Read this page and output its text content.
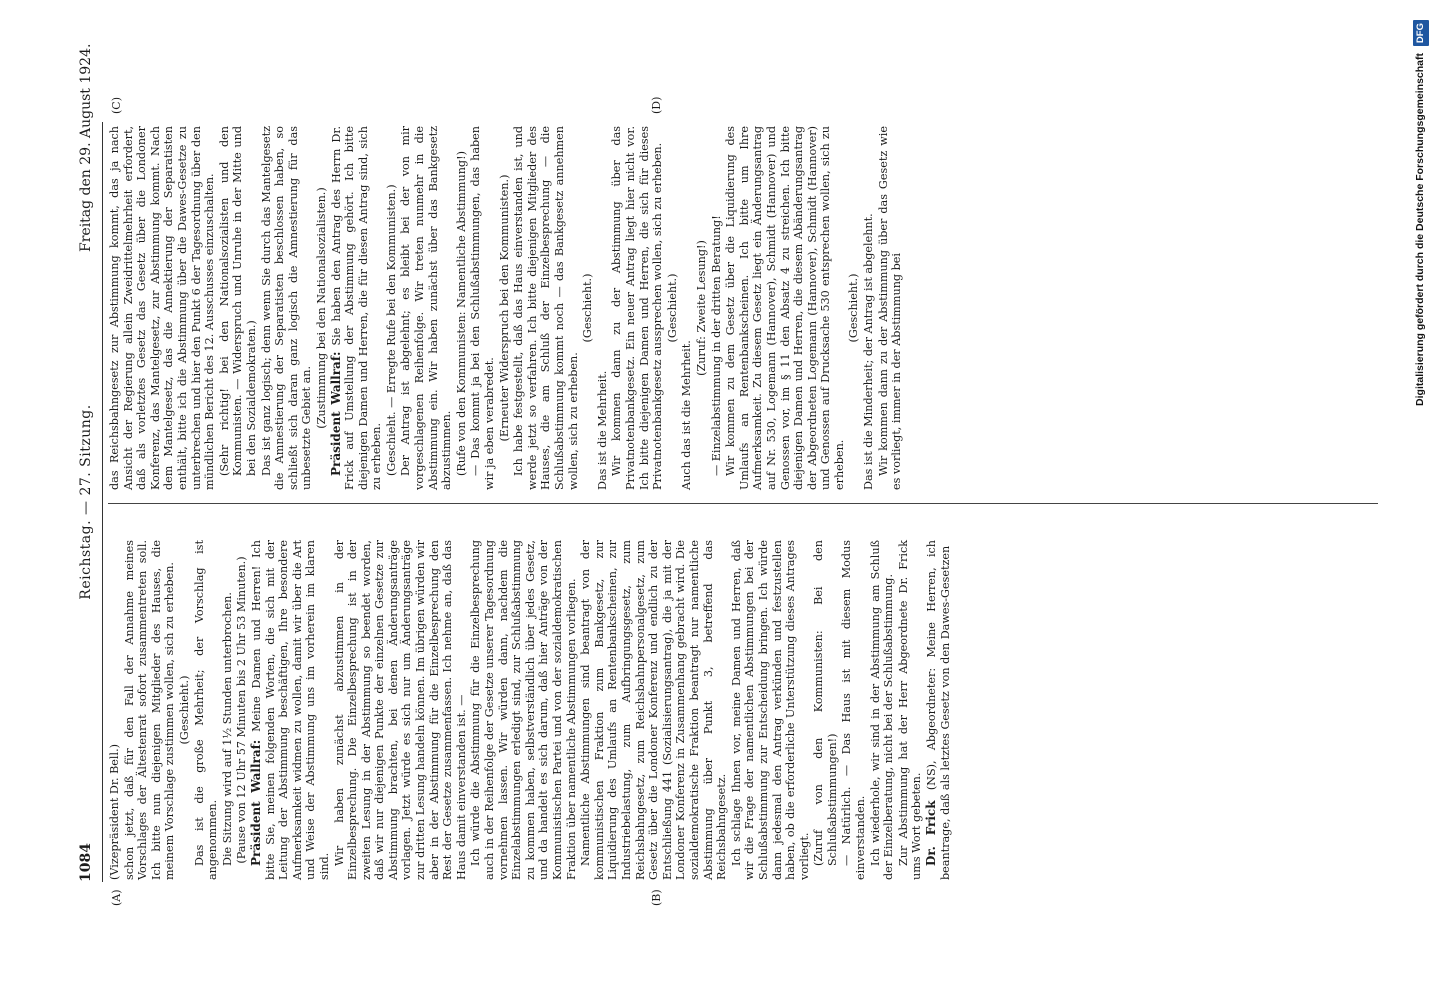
1084
Reichstag. — 27. Sitzung.
Freitag den 29. August 1924.
(A)	(B)
(C)	(D)

(Vizepräsident Dr. Bell.) schon jetzt, daß für den Fall der Annahme meines Vorschlages der Ältestenrat sofort zusammentreten soll. Ich bitte nun diejenigen Mitglieder des Hauses, die meinem Vorschlage zustimmen wollen, sich zu erheben. (Geschieht.) Das ist die große Mehrheit; der Vorschlag ist angenommen. Die Sitzung wird auf 1½ Stunden unterbrochen. (Pause von 12 Uhr 57 Minuten bis 2 Uhr 53 Minuten.) Präsident Wallraf: Meine Damen und Herren! Ich bitte Sie, meinen folgenden Worten, die sich mit der Leitung der Abstimmung beschäftigen, Ihre besondere Aufmerksamkeit widmen zu wollen, damit wir über die Art und Weise der Abstimmung uns im vorherein im klaren sind.

Wir haben zunächst abzustimmen in der Einzelbesprechung. Die Einzelbesprechung ist in der zweiten Lesung in der Abstimmung so beendet worden, daß wir nur diejenigen Punkte der einzelnen Gesetze zur Abstimmung brachten, bei denen Änderungsanträge vorlagen. Jetzt würde es sich nur um Änderungsanträge zur dritten Lesung handeln können. Im übrigen würden wir aber in der Abstimmung für die Einzelbesprechung den Rest der Gesetze zusammenfassen. Ich nehme an, daß das Haus damit einverstanden ist. — Ich würde die Abstimmung für die Einzelbesprechung auch in der Reihenfolge der Gesetze unserer Tagesordnung vornehmen lassen. Wir würden dann, nachdem die Einzelabstimmungen erledigt sind, zur Schlußabstimmung zu kommen haben, selbstverständlich über jedes Gesetz, und da handelt es sich darum, daß hier Anträge von der Kommunistischen Partei und von der sozialdemokratischen Fraktion über namentliche Abstimmungen vorliegen. Namentliche Abstimmungen sind beantragt von der kommunistischen Fraktion zum Bankgesetz, zur Liquidierung des Umlaufs an Rentenbankscheinen, zur Industriebelastung, zum Aufbringungsgesetz, zum Reichsbahngesetz, zum Reichsbahnpersonalgesetz, zum Gesetz über die Londoner Konferenz und endlich zu der Entschließung 441 (Sozialisierungsantrag), die ja mit der Londoner Konferenz in Zusammenhang gebracht wird. Die sozialdemokratische Fraktion beantragt nur namentliche Abstimmung über Punkt 3, betreffend das Reichsbahngesetz. Ich schlage Ihnen vor, meine Damen und Herren, daß wir die Frage der namentlichen Abstimmungen bei der Schlußabstimmung zur Entscheidung bringen. Ich würde dann jedesmal den Antrag verkünden und festzustellen haben, ob die erforderliche Unterstützung dieses Antrages vorliegt. (Zuruf von den Kommunisten: Bei den Schlußabstimmungen!) — Natürlich. — Das Haus ist mit diesem Modus einverstanden. Ich wiederhole, wir sind in der Abstimmung am Schluß der Einzelberatung, nicht bei der Schlußabstimmung. Zur Abstimmung hat der Herr Abgeordnete Dr. Frick ums Wort gebeten. Dr. Frick (NS), Abgeordneter: Meine Herren, ich beantrage, daß als letztes Gesetz von den Dawes-Gesetzen

das Reichsbahngesetz zur Abstimmung kommt, das ja nach Ansicht der Regierung allein Zweidrittelmehrheit erfordert, daß als vorletztes Gesetz das Gesetz über die Londoner Konferenz, das Mantelgesetz, zur Abstimmung kommt. Nach dem Mantelgesetz, das die Annektierung der Separatisten enthält, bitte ich die Abstimmung über die Dawes-Gesetze zu unterbrechen und hier den Punkt 6 der Tagesordnung über den mündlichen Bericht des 12. Ausschusses einzuschalten. (Sehr richtig! bei den Nationalsozialisten und den Kommunisten. — Widerspruch und Unruhe in der Mitte und bei den Sozialdemokraten.) Das ist ganz logisch; denn wenn Sie durch das Mantelgesetz die Amnestierung der Separatisten beschlossen haben, so schließt sich daran ganz logisch die Amnestierung für das unbesetzte Gebiet an. (Zustimmung bei den Nationalsozialisten.) Präsident Wallraf: Sie haben den Antrag des Herrn Dr. Frick auf Umstellung der Abstimmung gehört. Ich bitte diejenigen Damen und Herren, die für diesen Antrag sind, sich zu erheben. (Geschieht. — Erregte Rufe bei den Kommunisten.) Der Antrag ist abgelehnt; es bleibt bei der von mir vorgeschlagenen Reihenfolge. Wir treten nunmehr in die Abstimmung ein. Wir haben zunächst über das Bankgesetz abzustimmen. (Rufe von den Kommunisten: Namentliche Abstimmung!) — Das kommt ja bei den Schlußabstimmungen, das haben wir ja eben verabredet. (Erneuter Widerspruch bei den Kommunisten.) Ich habe festgestellt, daß das Haus einverstanden ist, und werde jetzt so verfahren. Ich bitte diejenigen Mitglieder des Hauses, die am Schluß der Einzelbesprechung — die Schlußabstimmung kommt noch — das Bankgesetz annehmen wollen, sich zu erheben.

(Geschieht.)

Das ist die Mehrheit. Wir kommen dann zu der Abstimmung über das Privatnotenbankgesetz. Ein neuer Antrag liegt hier nicht vor. Ich bitte diejenigen Damen und Herren, die sich für dieses Privatnotenbankgesetz aussprechen wollen, sich zu erheben. (Geschieht.)

Auch das ist die Mehrheit.

(Zuruf: Zweite Lesung!) — Einzelabstimmung in der dritten Beratung! Wir kommen zu dem Gesetz über die Liquidierung des Umlaufs an Rentenbankscheinen. Ich bitte um Ihre Aufmerksamkeit. Zu diesem Gesetz liegt ein Änderungsantrag auf Nr. 530, Logemann (Hannover), Schmidt (Hannover) und Genossen vor, im § 11 den Absatz 4 zu streichen. Ich bitte diejenigen Damen und Herren, die diesem Abänderungsantrag der Abgeordneten Logemann (Hannover), Schmidt (Hannover) und Genossen auf Drucksache 530 entsprechen wollen, sich zu erheben.

(Geschieht.) Das ist die Minderheit; der Antrag ist abgelehnt. Wir kommen dann zu der Abstimmung über das Gesetz wie es vorliegt, immer in der Abstimmung bei	Digitalisierung gefördert durch die Deutsche Forschungsgemeinschaft DFG
